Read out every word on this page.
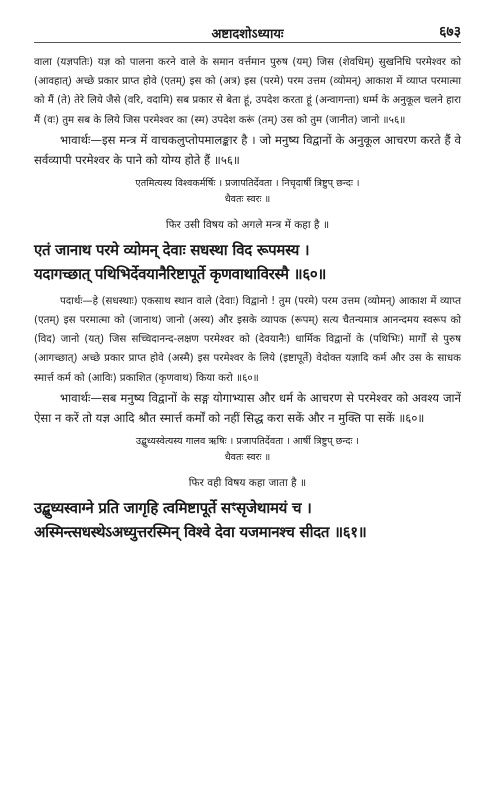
अष्टादशोऽध्यायः	६७३

वाला (यज्ञपतिः) यज्ञ को पालना करने वाले के समान वर्त्तमान पुरुष (यम्) जिस (शेवधिम्) सुखनिधि परमेश्वर को (आवहात्) अच्छे प्रकार प्राप्त होवे (एतम्) इस को (अत्र) इस (परमे) परम उत्तम (व्योमन्) आकाश में व्याप्त परमात्मा को मैं (ते) तेरे लिये जैसे (वरि, वदामि) सब प्रकार से बेता हूं, उपदेश करता हूं (अन्वागन्ता) धर्म्म के अनुकूल चलने हारा मैं (वः) तुम सब के लिये जिस परमेश्वर का (स्म) उपदेश करूं (तम्) उस को तुम (जानीत) जानो ॥५६॥

भावार्थः—इस मन्त्र में वाचकलुप्तोपमालङ्कार है । जो मनुष्य विद्वानों के अनुकूल आचरण करते हैं वे सर्वव्यापी परमेश्वर के पाने को योग्य होते हैं ॥५६॥

एतमित्यस्य विश्वकर्मर्षिः । प्रजापतिर्देवता । निचृदार्षी त्रिष्टुप् छन्दः ।

धैवतः स्वरः ॥

फिर उसी विषय को अगले मन्त्र में कहा है ॥

एतं जानाथ परमे व्योमन् देवाः सधस्था विद रूपमस्य ।

यदागच्छात् पथिभिर्देवयानैरिष्टापूर्ते कृणवाथाविरस्मै ॥६०॥

पदार्थः—हे (सधस्थाः) एकसाथ स्थान वाले (देवाः) विद्वानो ! तुम (परमे) परम उत्तम (व्योमन्) आकाश में व्याप्त (एतम्) इस परमात्मा को (जानाथ) जानो (अस्य) और इसके व्यापक (रूपम्) सत्य चैतन्यमात्र आनन्दमय स्वरूप को (विद) जानो (यत्) जिस सच्चिदानन्द-लक्षण परमेश्वर को (देवयानैः) धार्मिक विद्वानों के (पथिभिः) मार्गों से पुरुष (आगच्छात्) अच्छे प्रकार प्राप्त होवे (अस्मै) इस परमेश्वर के लिये (इष्टापूर्ते) वेदोक्त यज्ञादि कर्म और उस के साधक स्मार्त्त कर्म को (आविः) प्रकाशित (कृणवाथ) किया करो ॥६०॥

भावार्थः—सब मनुष्य विद्वानों के सङ्ग योगाभ्यास और धर्म के आचरण से परमेश्वर को अवश्य जानें ऐसा न करें तो यज्ञ आदि श्रौत स्मार्त्त कर्मों को नहीं सिद्ध करा सकें और न मुक्ति पा सकें ॥६०॥

उद्बुध्यस्वेत्यस्य गालव ऋषिः । प्रजापतिर्देवता । आर्षी त्रिष्टुप् छन्दः ।

धैवतः स्वरः ॥

फिर वही विषय कहा जाता है ॥

उद्बुध्यस्वाग्ने प्रति जागृहि त्वमिष्टापूर्ते सꣳसृजेथामयं च ।

अस्मिन्त्सधस्थेऽअध्युत्तरस्मिन् विश्वे देवा यजमानश्च सीदत ॥६१॥
